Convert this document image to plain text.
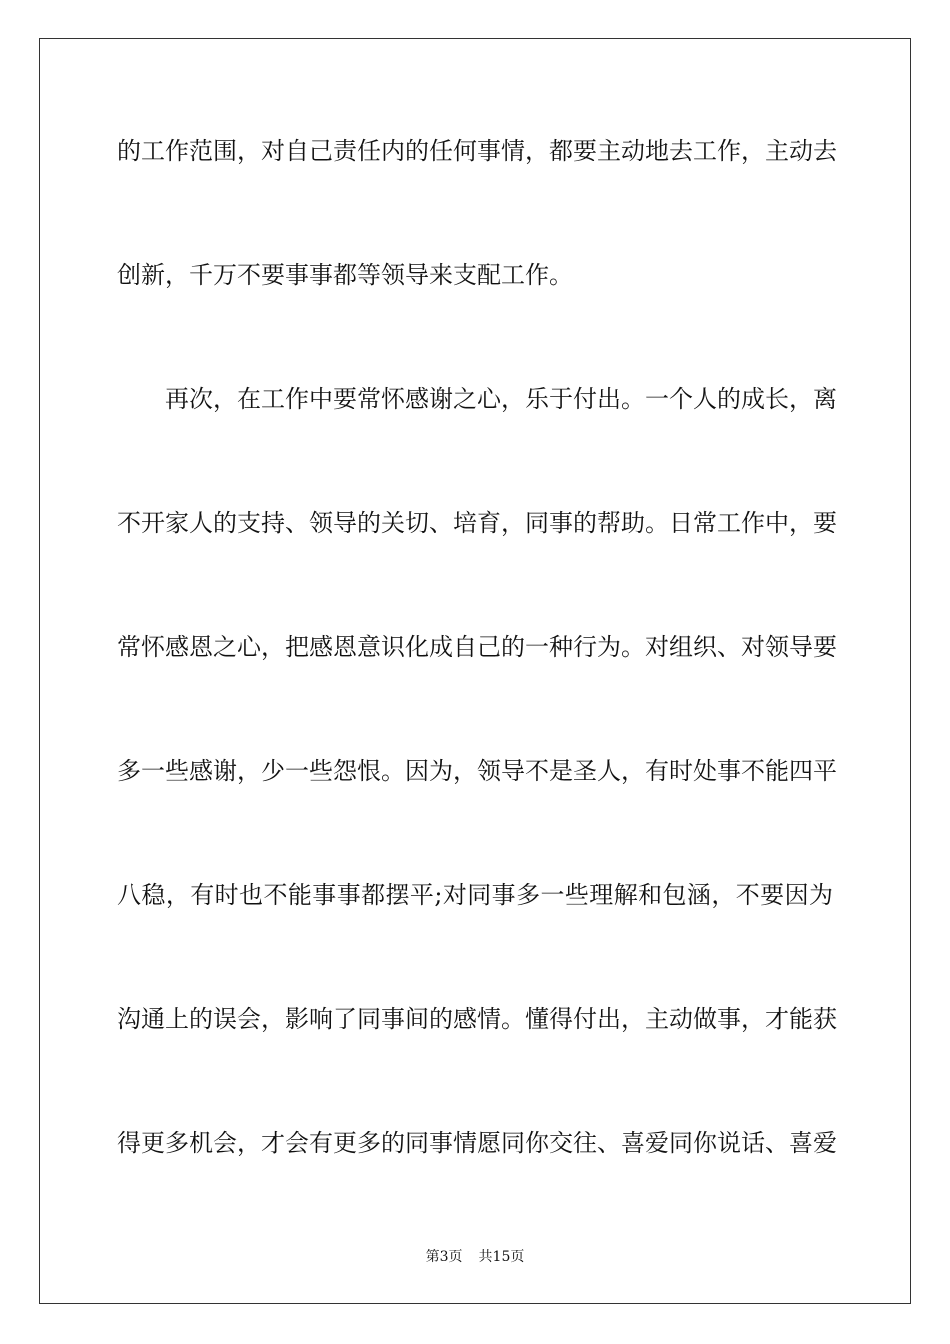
的工作范围，对自己责任内的任何事情，都要主动地去工作，主动去
创新，千万不要事事都等领导来支配工作。
再次，在工作中要常怀感谢之心，乐于付出。一个人的成长，离
不开家人的支持、领导的关切、培育，同事的帮助。日常工作中，要
常怀感恩之心，把感恩意识化成自己的一种行为。对组织、对领导要
多一些感谢，少一些怨恨。因为，领导不是圣人，有时处事不能四平
八稳，有时也不能事事都摆平;对同事多一些理解和包涵，不要因为
沟通上的误会，影响了同事间的感情。懂得付出，主动做事，才能获
得更多机会，才会有更多的同事情愿同你交往、喜爱同你说话、喜爱
第3页 共15页
